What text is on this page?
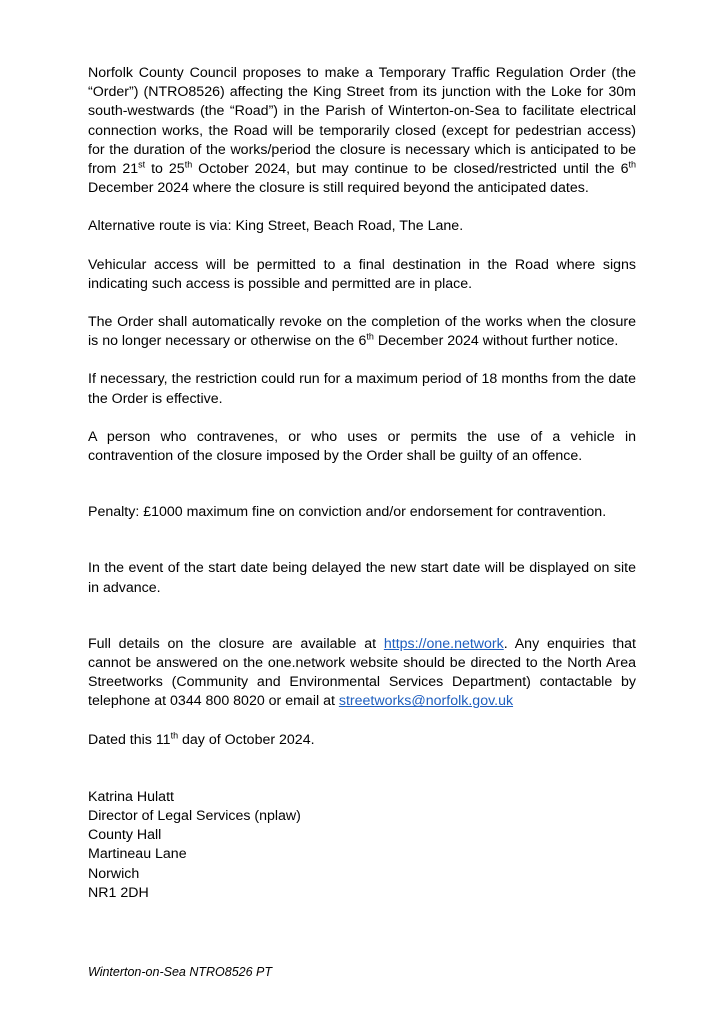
Norfolk County Council proposes to make a Temporary Traffic Regulation Order (the “Order”) (NTRO8526) affecting the King Street from its junction with the Loke for 30m south-westwards (the “Road”) in the Parish of Winterton-on-Sea to facilitate electrical connection works, the Road will be temporarily closed (except for pedestrian access) for the duration of the works/period the closure is necessary which is anticipated to be from 21st to 25th October 2024, but may continue to be closed/restricted until the 6th December 2024 where the closure is still required beyond the anticipated dates.

Alternative route is via: King Street, Beach Road, The Lane.

Vehicular access will be permitted to a final destination in the Road where signs indicating such access is possible and permitted are in place.

The Order shall automatically revoke on the completion of the works when the closure is no longer necessary or otherwise on the 6th December 2024 without further notice.

If necessary, the restriction could run for a maximum period of 18 months from the date the Order is effective.

A person who contravenes, or who uses or permits the use of a vehicle in contravention of the closure imposed by the Order shall be guilty of an offence.

Penalty: £1000 maximum fine on conviction and/or endorsement for contravention.

In the event of the start date being delayed the new start date will be displayed on site in advance.

Full details on the closure are available at https://one.network. Any enquiries that cannot be answered on the one.network website should be directed to the North Area Streetworks (Community and Environmental Services Department) contactable by telephone at 0344 800 8020 or email at streetworks@norfolk.gov.uk

Dated this 11th day of October 2024.

Katrina Hulatt
Director of Legal Services (nplaw)
County Hall
Martineau Lane
Norwich
NR1 2DH
Winterton-on-Sea NTRO8526 PT
